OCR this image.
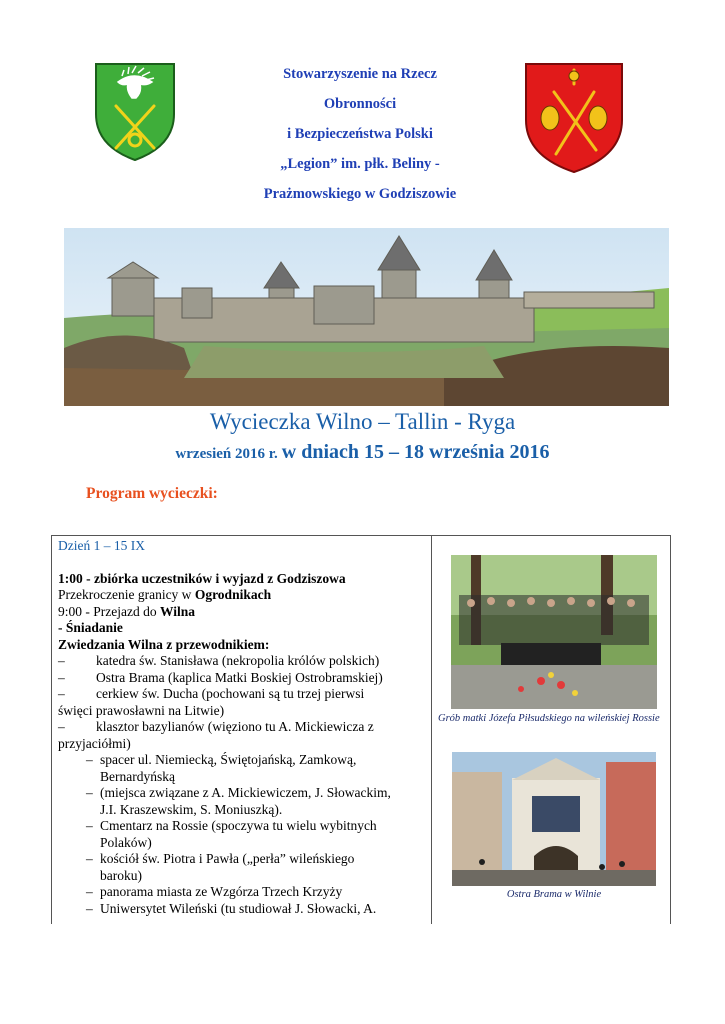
Stowarzyszenie na Rzecz
Obronności
i Bezpieczeństwa Polski
„Legion” im. płk. Beliny -
Prażmowskiego w Godziszowie
Wycieczka Wilno – Tallin - Ryga
wrzesień 2016 r. w dniach 15 – 18 września 2016
Program wycieczki:
Dzień 1 – 15 IX
1:00 - zbiórka uczestników i wyjazd z Godziszowa
Przekroczenie granicy w Ogrodnikach
9:00 - Przejazd do Wilna
- Śniadanie
Zwiedzania Wilna z przewodnikiem:
– katedra św. Stanisława (nekropolia królów polskich)
– Ostra Brama (kaplica Matki Boskiej Ostrobramskiej)
– cerkiew św. Ducha (pochowani są tu trzej pierwsi
święci prawosławni na Litwie)
– klasztor bazylianów (więziono tu A. Mickiewicza z
przyjaciółmi)
– spacer ul. Niemiecką, Świętojańską, Zamkową,
Bernardyńską
– (miejsca związane z A. Mickiewiczem, J. Słowackim,
J.I. Kraszewskim, S. Moniuszką).
– Cmentarz na Rossie (spoczywa tu wielu wybitnych
Polaków)
– kościół św. Piotra i Pawła („perła” wileńskiego
baroku)
– panorama miasta ze Wzgórza Trzech Krzyży
– Uniwersytet Wileński (tu studiował J. Słowacki, A.
Grób matki Józefa Piłsudskiego na wileńskiej Rossie
Ostra Brama w Wilnie
